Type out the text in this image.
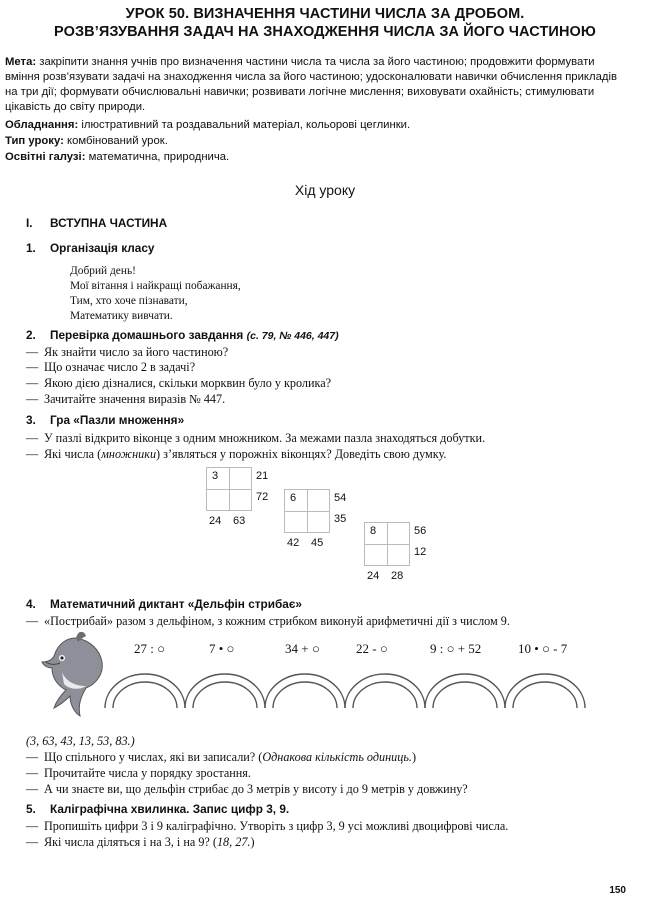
УРОК 50. ВИЗНАЧЕННЯ ЧАСТИНИ ЧИСЛА ЗА ДРОБОМ.
РОЗВ’ЯЗУВАННЯ ЗАДАЧ НА ЗНАХОДЖЕННЯ ЧИСЛА ЗА ЙОГО ЧАСТИНОЮ
Мета: закріпити знання учнів про визначення частини числа та числа за його частиною; продовжити формувати вміння розв’язувати задачі на знаходження числа за його частиною; удосконалювати навички обчислення прикладів на три дії; формувати обчислювальні навички; розвивати логічне мислення; виховувати охайність; стимулювати цікавість до світу природи.
Обладнання: ілюстративний та роздавальний матеріал, кольорові цеглинки.
Тип уроку: комбінований урок.
Освітні галузі: математична, природнича.
Хід уроку
I. ВСТУПНА ЧАСТИНА
1. Організація класу
Добрий день!
Мої вітання і найкращі побажання,
Тим, хто хоче пізнавати,
Математику вивчати.
2. Перевірка домашнього завдання (с. 79, № 446, 447)
— Як знайти число за його частиною?
— Що означає число 2 в задачі?
— Якою дією дізналися, скільки морквин було у кролика?
— Зачитайте значення виразів № 447.
3. Гра «Пазли множення»
— У пазлі відкрито віконце з одним множником. За межами пазла знаходяться добутки.
— Які числа (множники) з’являться у порожніх віконцях? Доведіть свою думку.
3	21
72
24 63
6	54
35
42 45
8	56
12
24 28
4. Математичний диктант «Дельфін стрибає»
— «Пострибай» разом з дельфіном, з кожним стрибком виконуй арифметичні дії з числом 9.
27 : ○	7 • ○	34 + ○	22 - ○	9 : ○ + 52	10 • ○ - 7
(3, 63, 43, 13, 53, 83.)
— Що спільного у числах, які ви записали? (Однакова кількість одиниць.)
— Прочитайте числа у порядку зростання.
— А чи знаєте ви, що дельфін стрибає до 3 метрів у висоту і до 9 метрів у довжину?
5. Каліграфічна хвилинка. Запис цифр 3, 9.
— Пропишіть цифри 3 і 9 каліграфічно. Утворіть з цифр 3, 9 усі можливі двоцифрові числа.
— Які числа діляться і на 3, і на 9? (18, 27.)
150
